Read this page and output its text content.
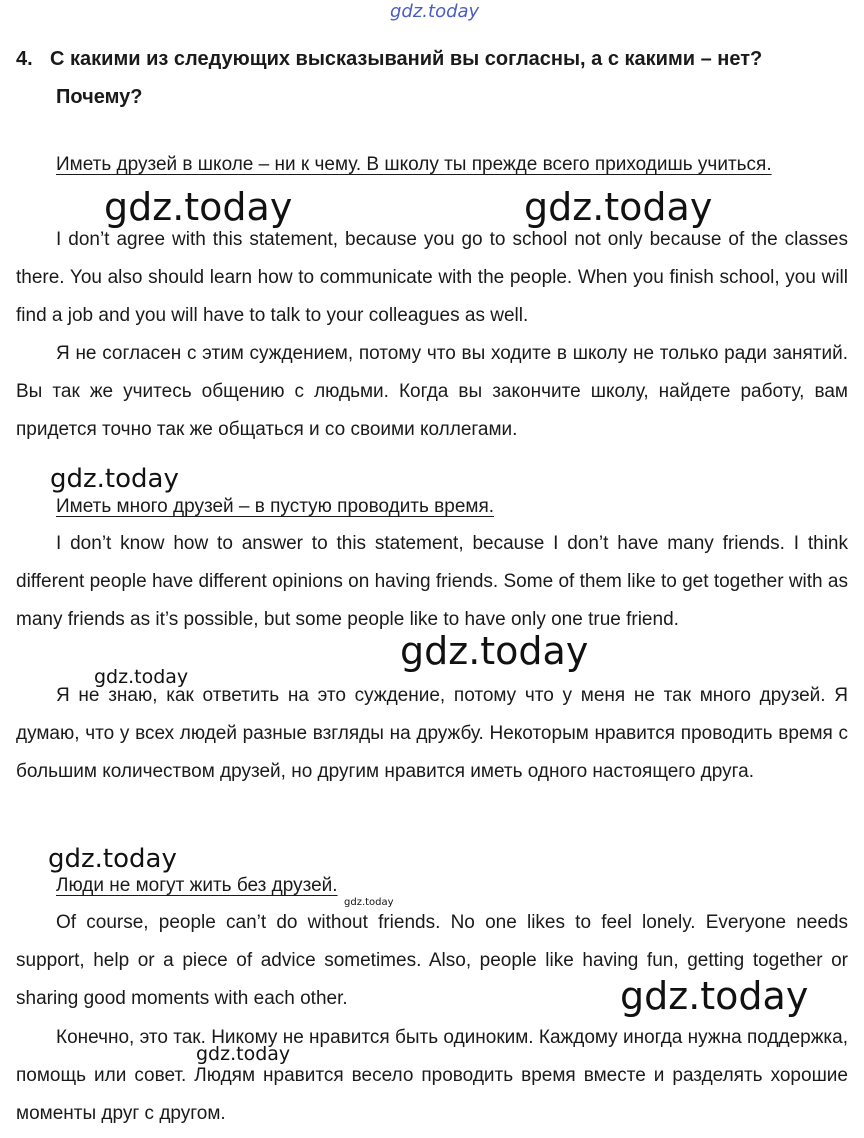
gdz.today
4. С какими из следующих высказываний вы согласны, а с какими – нет?
Почему?

Иметь друзей в школе – ни к чему. В школу ты прежде всего приходишь учиться.

I don’t agree with this statement, because you go to school not only because of the classes there. You also should learn how to communicate with the people. When you finish school, you will find a job and you will have to talk to your colleagues as well.

Я не согласен с этим суждением, потому что вы ходите в школу не только ради занятий. Вы так же учитесь общению с людьми. Когда вы закончите школу, найдете работу, вам придется точно так же общаться и со своими коллегами.

Иметь много друзей – в пустую проводить время.

I don’t know how to answer to this statement, because I don’t have many friends. I think different people have different opinions on having friends. Some of them like to get together with as many friends as it’s possible, but some people like to have only one true friend.

Я не знаю, как ответить на это суждение, потому что у меня не так много друзей. Я думаю, что у всех людей разные взгляды на дружбу. Некоторым нравится проводить время с большим количеством друзей, но другим нравится иметь одного настоящего друга.

Люди не могут жить без друзей.

Of course, people can’t do without friends. No one likes to feel lonely. Everyone needs support, help or a piece of advice sometimes. Also, people like having fun, getting together or sharing good moments with each other.

Конечно, это так. Никому не нравится быть одиноким. Каждому иногда нужна поддержка, помощь или совет. Людям нравится весело проводить время вместе и разделять хорошие моменты друг с другом.

gdz.today	gdz.today
gdz.today
gdz.today
gdz.today
gdz.today
gdz.today
gdz.today
gdz.today
